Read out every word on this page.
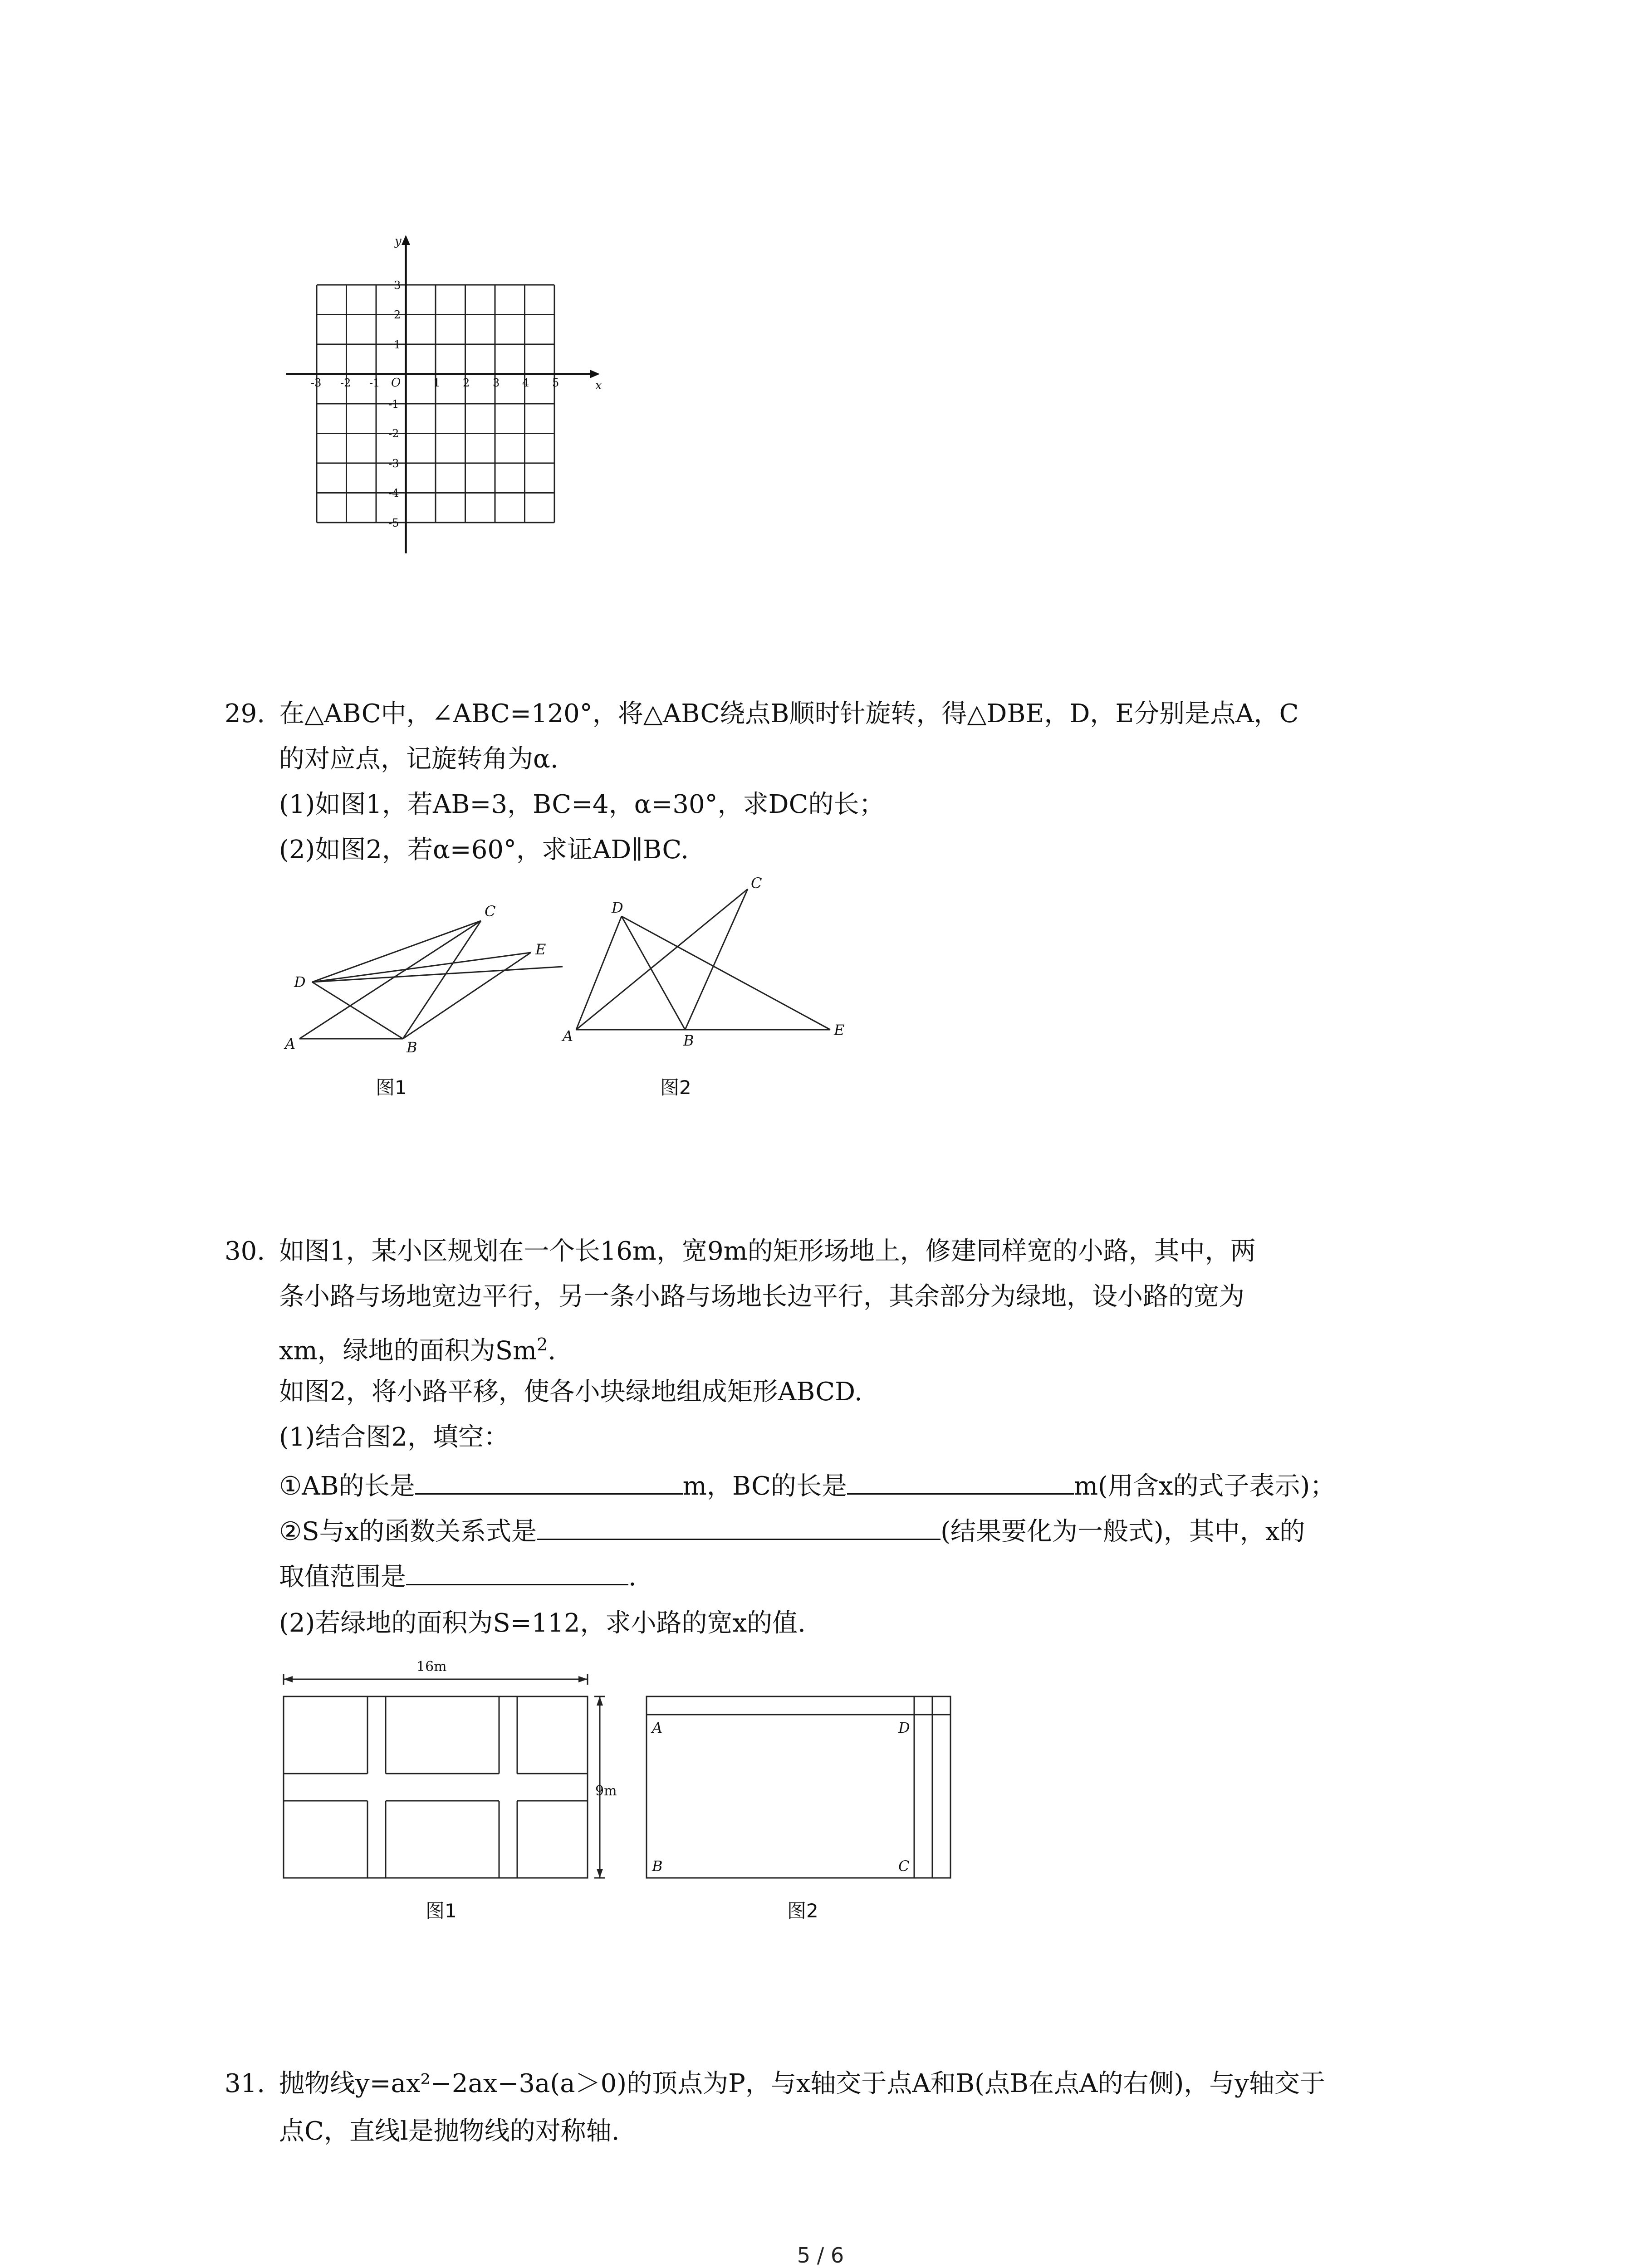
y
x
O
-3 -2 -1	1 2 3 4 5
3
2
1
-1
-2
-3
-4
-5
29. 在△ABC中，∠ABC=120°，将△ABC绕点B顺时针旋转，得△DBE，D，E分别是点A，C
的对应点，记旋转角为α.
(1)如图1，若AB=3，BC=4，α=30°，求DC的长；
(2)如图2，若α=60°，求证AD∥BC.
A	B
C
D
E
图1
A	B
C
D
E
图2
30. 如图1，某小区规划在一个长16m，宽9m的矩形场地上，修建同样宽的小路，其中，两
条小路与场地宽边平行，另一条小路与场地长边平行，其余部分为绿地，设小路的宽为
xm，绿地的面积为Sm$^2$.
如图2，将小路平移，使各小块绿地组成矩形ABCD.
(1)结合图2，填空：
①AB的长是	m，BC的长是	m(用含x的式子表示)；
②S与x的函数关系式是	(结果要化为一般式)，其中，x的
取值范围是	.
(2)若绿地的面积为S=112，求小路的宽x的值.
16m
9m
图1
A	D
B	C
图2
31. 抛物线y=ax²−2ax−3a(a＞0)的顶点为P，与x轴交于点A和B(点B在点A的右侧)，与y轴交于
点C，直线l是抛物线的对称轴.
5 / 6
